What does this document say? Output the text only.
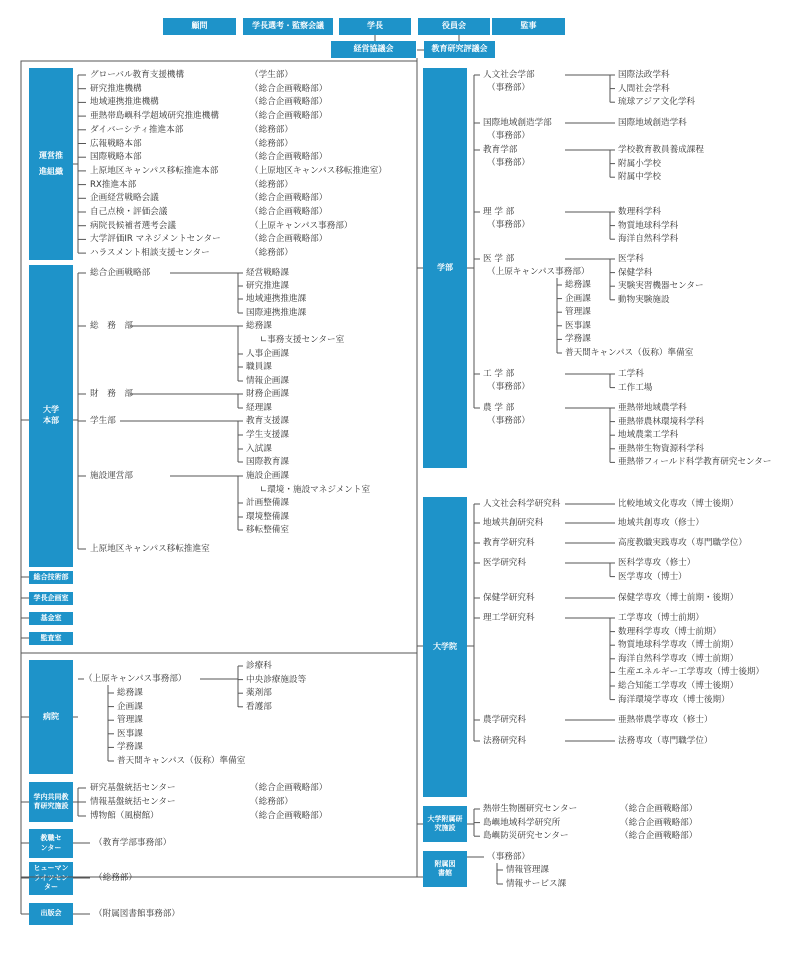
顧問	学長選考・監察会議	学長	役員会	監事
経営協議会	教育研究評議会
運営推進組織
大学本部
総合技術部
学長企画室
基金室
監査室
病院
学内共同教育研究施設
教職センター
ヒューマンライツセンター
出版会
学部
大学院
大学附属研究施設
附属図書館
グローバル教育支援機構	（学生部）
研究推進機構	（総合企画戦略部）
地域連携推進機構	（総合企画戦略部）
亜熱帯島嶼科学超域研究推進機構	（総合企画戦略部）
ダイバーシティ推進本部	（総務部）
広報戦略本部	（総務部）
国際戦略本部	（総合企画戦略部）
上原地区キャンパス移転推進本部	（上原地区キャンパス移転推進室）
RX推進本部	（総務部）
企画経営戦略会議	（総合企画戦略部）
自己点検・評価会議	（総合企画戦略部）
病院長候補者選考会議	（上原キャンパス事務部）
大学評価IR マネジメントセンター	（総合企画戦略部）
ハラスメント相談支援センター	（総務部）
総合企画戦略部
総　務　部
財　務　部
学生部
施設運営部
上原地区キャンパス移転推進室
経営戦略課
研究推進課
地域連携推進課
国際連携推進課
総務課
∟事務支援センター室
人事企画課
職員課
情報企画課
財務企画課
経理課
教育支援課
学生支援課
入試課
国際教育課
施設企画課
∟環境・施設マネジメント室
計画整備課
環境整備課
移転整備室
（上原キャンパス事務部）
総務課
企画課
管理課
医事課
学務課
普天間キャンパス（仮称）準備室
診療科
中央診療施設等
薬剤部
看護部
研究基盤統括センター	（総合企画戦略部）
情報基盤統括センター	（総務部）
博物館（風樹館）	（総合企画戦略部）
（教育学部事務部）
（総務部）
（附属図書館事務部）
人文社会学部
（事務部）
国際法政学科
人間社会学科
琉球アジア文化学科
国際地域創造学部
（事務部）
国際地域創造学科
教育学部
（事務部）
学校教育教員養成課程
附属小学校
附属中学校
理 学 部
（事務部）
数理科学科
物質地球科学科
海洋自然科学科
医 学 部
（上原キャンパス事務部）
医学科
保健学科
実験実習機器センター
動物実験施設
総務課
企画課
管理課
医事課
学務課
普天間キャンパス（仮称）準備室
工 学 部
（事務部）
工学科
工作工場
農 学 部
（事務部）
亜熱帯地域農学科
亜熱帯農林環境科学科
地域農業工学科
亜熱帯生物資源科学科
亜熱帯フィールド科学教育研究センター
人文社会科学研究科	比較地域文化専攻（博士後期）
地域共創研究科	地域共創専攻（修士）
教育学研究科	高度教職実践専攻（専門職学位）
医学研究科	医科学専攻（修士）
医学専攻（博士）
保健学研究科	保健学専攻（博士前期・後期）
理工学研究科	工学専攻（博士前期）
数理科学専攻（博士前期）
物質地球科学専攻（博士前期）
海洋自然科学専攻（博士前期）
生産エネルギー工学専攻（博士後期）
総合知能工学専攻（博士後期）
海洋環境学専攻（博士後期）
農学研究科	亜熱帯農学専攻（修士）
法務研究科	法務専攻（専門職学位）
熱帯生物圏研究センター	（総合企画戦略部）
島嶼地域科学研究所	（総合企画戦略部）
島嶼防災研究センター	（総合企画戦略部）
（事務部）
情報管理課
情報サービス課
